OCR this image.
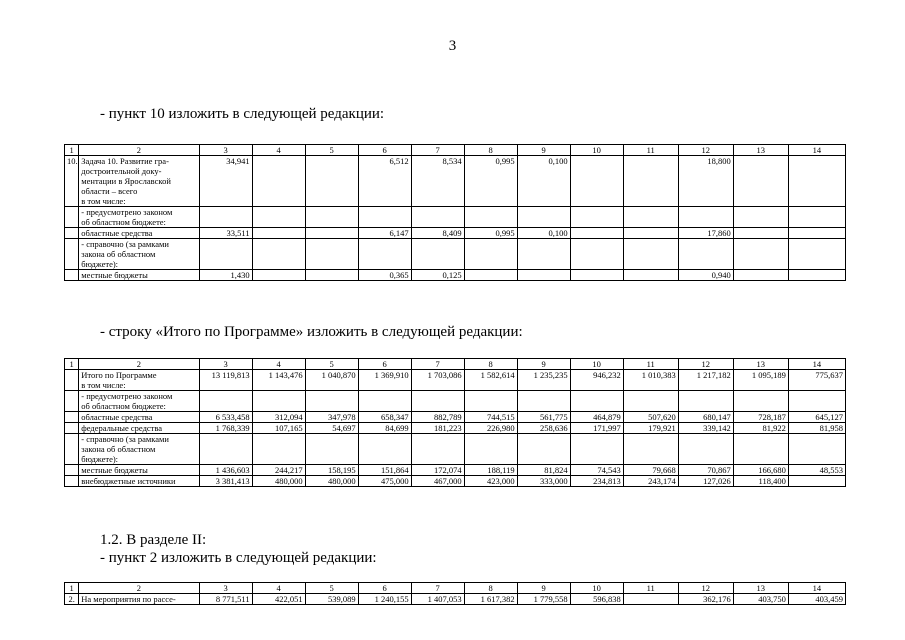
3
- пункт 10 изложить в следующей редакции:
1	2	3	4	5	6	7	8	9	10	11	12	13	14
10.	Задача 10. Развитие гра-
достроительной доку-
ментации в Ярославской
области – всего
в том числе:	34,941			6,512	8,534	0,995	0,100			18,800		

	- предусмотрено законом
об областном бюджете:												

	областные средства	33,511			6,147	8,409	0,995	0,100			17,860		

	- справочно (за рамками
закона об областном
бюджете):												

	местные бюджеты	1,430			0,365	0,125					0,940		
- строку «Итого по Программе» изложить в следующей редакции:
1	2	3	4	5	6	7	8	9	10	11	12	13	14

	Итого по Программе
в том числе:	13 119,813	1 143,476	1 040,870	1 369,910	1 703,086	1 582,614	1 235,235	946,232	1 010,383	1 217,182	1 095,189	775,637

	- предусмотрено законом
об областном бюджете:												

	областные средства	6 533,458	312,094	347,978	658,347	882,789	744,515	561,775	464,879	507,620	680,147	728,187	645,127
	федеральные средства	1 768,339	107,165	54,697	84,699	181,223	226,980	258,636	171,997	179,921	339,142	81,922	81,958

	- справочно (за рамками
закона об областном
бюджете):												

	местные бюджеты	1 436,603	244,217	158,195	151,864	172,074	188,119	81,824	74,543	79,668	70,867	166,680	48,553
	внебюджетные источники	3 381,413	480,000	480,000	475,000	467,000	423,000	333,000	234,813	243,174	127,026	118,400	
1.2. В разделе II:
- пункт 2 изложить в следующей редакции:
1	2	3	4	5	6	7	8	9	10	11	12	13	14
2.	На мероприятия по рассе-	8 771,511	422,051	539,089	1 240,155	1 407,053	1 617,382	1 779,558	596,838		362,176	403,750	403,459
